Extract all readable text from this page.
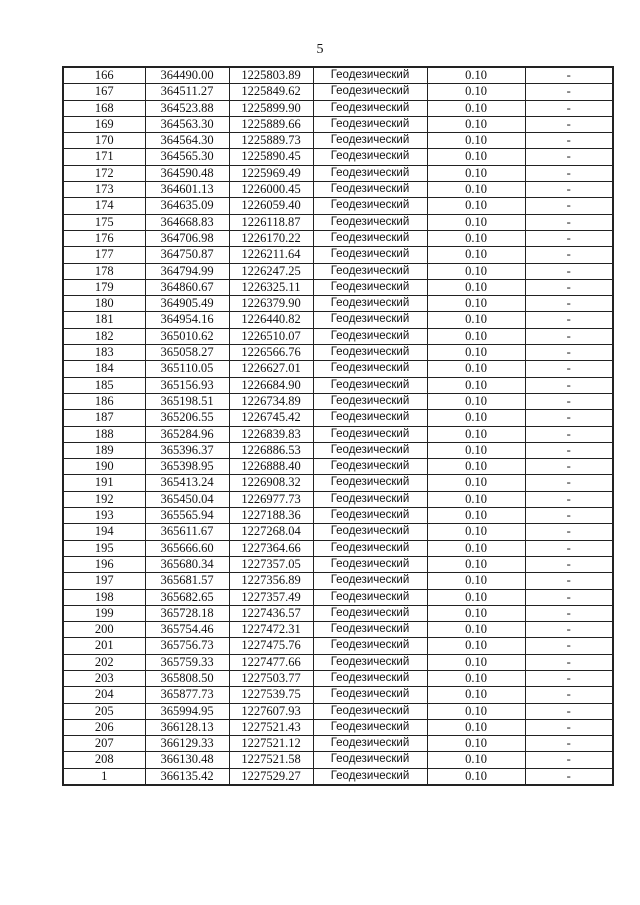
5
166	364490.00	1225803.89	Геодезический	0.10	-
167	364511.27	1225849.62	Геодезический	0.10	-
168	364523.88	1225899.90	Геодезический	0.10	-
169	364563.30	1225889.66	Геодезический	0.10	-
170	364564.30	1225889.73	Геодезический	0.10	-
171	364565.30	1225890.45	Геодезический	0.10	-
172	364590.48	1225969.49	Геодезический	0.10	-
173	364601.13	1226000.45	Геодезический	0.10	-
174	364635.09	1226059.40	Геодезический	0.10	-
175	364668.83	1226118.87	Геодезический	0.10	-
176	364706.98	1226170.22	Геодезический	0.10	-
177	364750.87	1226211.64	Геодезический	0.10	-
178	364794.99	1226247.25	Геодезический	0.10	-
179	364860.67	1226325.11	Геодезический	0.10	-
180	364905.49	1226379.90	Геодезический	0.10	-
181	364954.16	1226440.82	Геодезический	0.10	-
182	365010.62	1226510.07	Геодезический	0.10	-
183	365058.27	1226566.76	Геодезический	0.10	-
184	365110.05	1226627.01	Геодезический	0.10	-
185	365156.93	1226684.90	Геодезический	0.10	-
186	365198.51	1226734.89	Геодезический	0.10	-
187	365206.55	1226745.42	Геодезический	0.10	-
188	365284.96	1226839.83	Геодезический	0.10	-
189	365396.37	1226886.53	Геодезический	0.10	-
190	365398.95	1226888.40	Геодезический	0.10	-
191	365413.24	1226908.32	Геодезический	0.10	-
192	365450.04	1226977.73	Геодезический	0.10	-
193	365565.94	1227188.36	Геодезический	0.10	-
194	365611.67	1227268.04	Геодезический	0.10	-
195	365666.60	1227364.66	Геодезический	0.10	-
196	365680.34	1227357.05	Геодезический	0.10	-
197	365681.57	1227356.89	Геодезический	0.10	-
198	365682.65	1227357.49	Геодезический	0.10	-
199	365728.18	1227436.57	Геодезический	0.10	-
200	365754.46	1227472.31	Геодезический	0.10	-
201	365756.73	1227475.76	Геодезический	0.10	-
202	365759.33	1227477.66	Геодезический	0.10	-
203	365808.50	1227503.77	Геодезический	0.10	-
204	365877.73	1227539.75	Геодезический	0.10	-
205	365994.95	1227607.93	Геодезический	0.10	-
206	366128.13	1227521.43	Геодезический	0.10	-
207	366129.33	1227521.12	Геодезический	0.10	-
208	366130.48	1227521.58	Геодезический	0.10	-
1	366135.42	1227529.27	Геодезический	0.10	-
